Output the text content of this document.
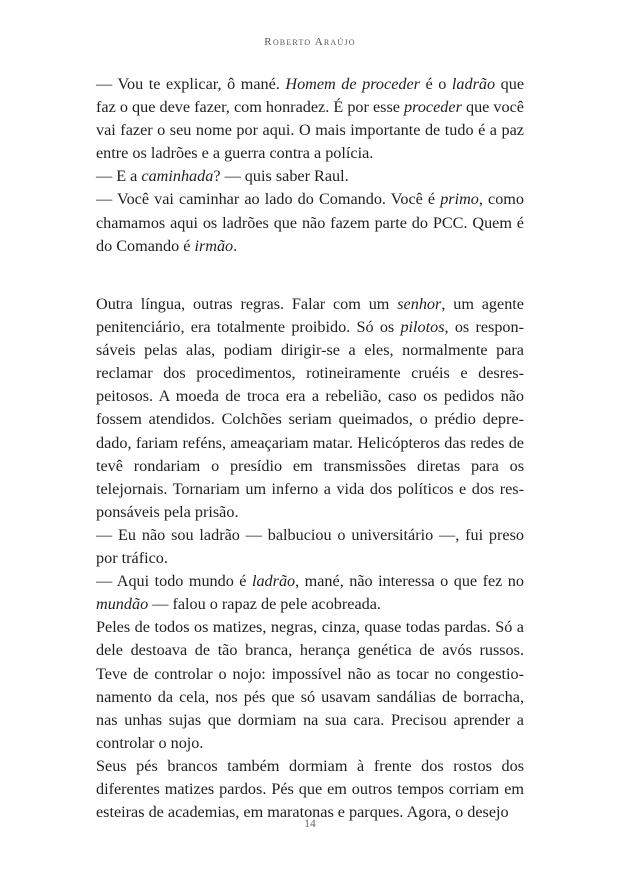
Roberto Araújo

— Vou te explicar, ô mané. Homem de proceder é o ladrão que faz o que deve fazer, com honradez. É por esse proceder que você vai fazer o seu nome por aqui. O mais importante de tudo é a paz entre os ladrões e a guerra contra a polícia.

— E a caminhada? — quis saber Raul.

— Você vai caminhar ao lado do Comando. Você é primo, como chamamos aqui os ladrões que não fazem parte do PCC. Quem é do Comando é irmão.

Outra língua, outras regras. Falar com um senhor, um agente penitenciário, era totalmente proibido. Só os pilotos, os responsáveis pelas alas, podiam dirigir-se a eles, normalmente para reclamar dos procedimentos, rotineiramente cruéis e desrespeitosos. A moeda de troca era a rebelião, caso os pedidos não fossem atendidos. Colchões seriam queimados, o prédio depredado, fariam reféns, ameaçariam matar. Helicópteros das redes de tevê rondariam o presídio em transmissões diretas para os telejornais. Tornariam um inferno a vida dos políticos e dos responsáveis pela prisão.

— Eu não sou ladrão — balbuciou o universitário —, fui preso por tráfico.

— Aqui todo mundo é ladrão, mané, não interessa o que fez no mundão — falou o rapaz de pele acobreada.

Peles de todos os matizes, negras, cinza, quase todas pardas. Só a dele destoava de tão branca, herança genética de avós russos. Teve de controlar o nojo: impossível não as tocar no congestionamento da cela, nos pés que só usavam sandálias de borracha, nas unhas sujas que dormiam na sua cara. Precisou aprender a controlar o nojo.

Seus pés brancos também dormiam à frente dos rostos dos diferentes matizes pardos. Pés que em outros tempos corriam em esteiras de academias, em maratonas e parques. Agora, o desejo

14
